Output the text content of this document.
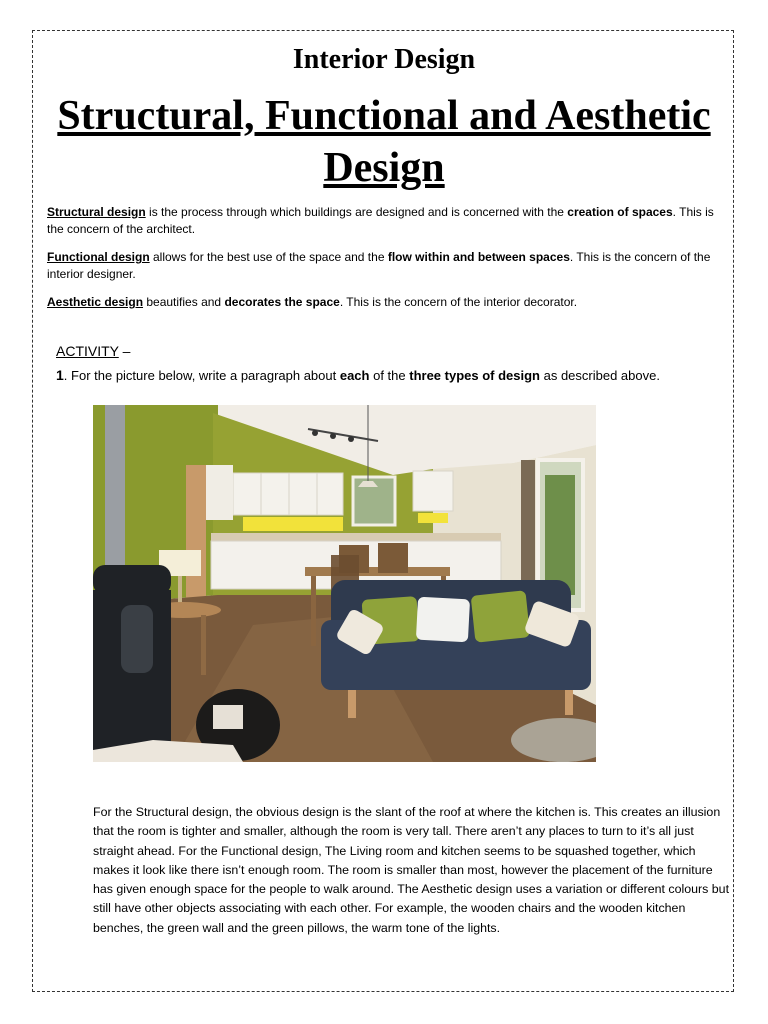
Interior Design
Structural, Functional and Aesthetic Design

Structural design is the process through which buildings are designed and is concerned with the creation of spaces. This is the concern of the architect.

Functional design allows for the best use of the space and the flow within and between spaces. This is the concern of the interior designer.

Aesthetic design beautifies and decorates the space. This is the concern of the interior decorator.

ACTIVITY –
1. For the picture below, write a paragraph about each of the three types of design as described above.

For the Structural design, the obvious design is the slant of the roof at where the kitchen is. This creates an illusion that the room is tighter and smaller, although the room is very tall. There aren’t any places to turn to it’s all just straight ahead. For the Functional design, The Living room and kitchen seems to be squashed together, which makes it look like there isn’t enough room. The room is smaller than most, however the placement of the furniture has given enough space for the people to walk around. The Aesthetic design uses a variation or different colours but still have other objects associating with each other. For example, the wooden chairs and the wooden kitchen benches, the green wall and the green pillows, the warm tone of the lights.
